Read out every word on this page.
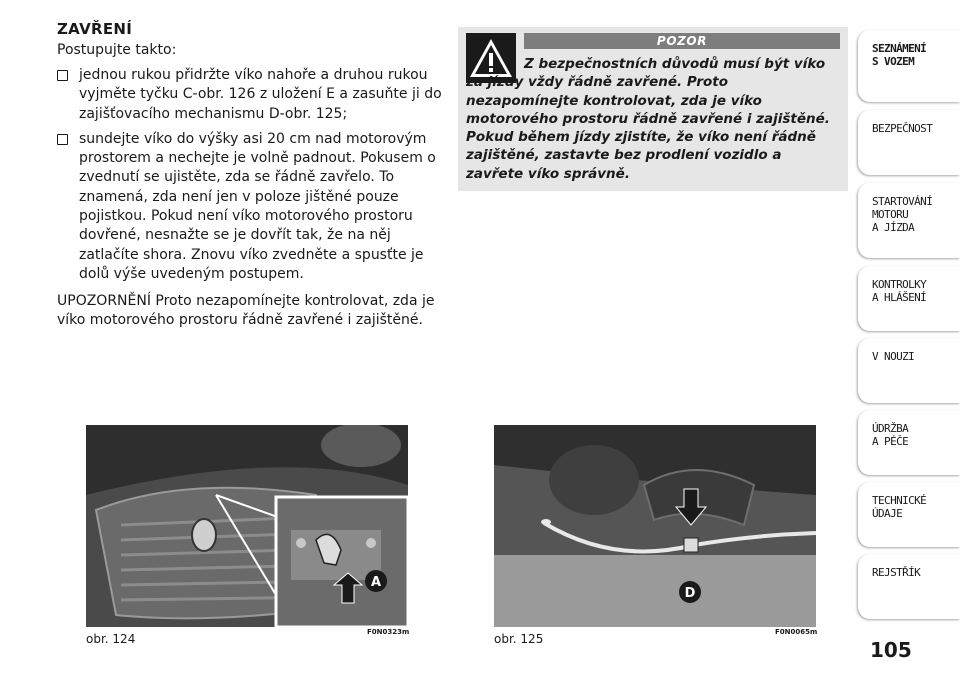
ZAVŘENÍ
Postupujte takto:
jednou rukou přidržte víko nahoře a druhou rukou vyjměte tyčku C-obr. 126 z uložení E a zasuňte ji do zajišťovacího mechanismu D-obr. 125;
sundejte víko do výšky asi 20 cm nad motorovým prostorem a nechejte je volně padnout. Pokusem o zvednutí se ujistěte, zda se řádně zavřelo. To znamená, zda není jen v poloze jištěné pouze pojistkou. Pokud není víko motorového prostoru dovřené, nesnažte se je dovřít tak, že na něj zatlačíte shora. Znovu víko zvedněte a spusťte je dolů výše uvedeným postupem.
UPOZORNĚNÍ Proto nezapomínejte kontrolovat, zda je víko motorového prostoru řádně zavřené i zajištěné.
POZOR
Z bezpečnostních důvodů musí být víko za jízdy vždy řádně zavřené. Proto nezapomínejte kontrolovat, zda je víko motorového prostoru řádně zavřené i zajištěné. Pokud během jízdy zjistíte, že víko není řádně zajištěné, zastavte bez prodlení vozidlo a zavřete víko správně.
A
obr. 124	F0N0323m
D
obr. 125	F0N0065m
SEZNÁMENÍ
S VOZEM
BEZPEČNOST
STARTOVÁNÍ
MOTORU
A JÍZDA
KONTROLKY
A HLÁŠENÍ
V NOUZI
ÚDRŽBA
A PÉČE
TECHNICKÉ
ÚDAJE
REJSTŘÍK
105
